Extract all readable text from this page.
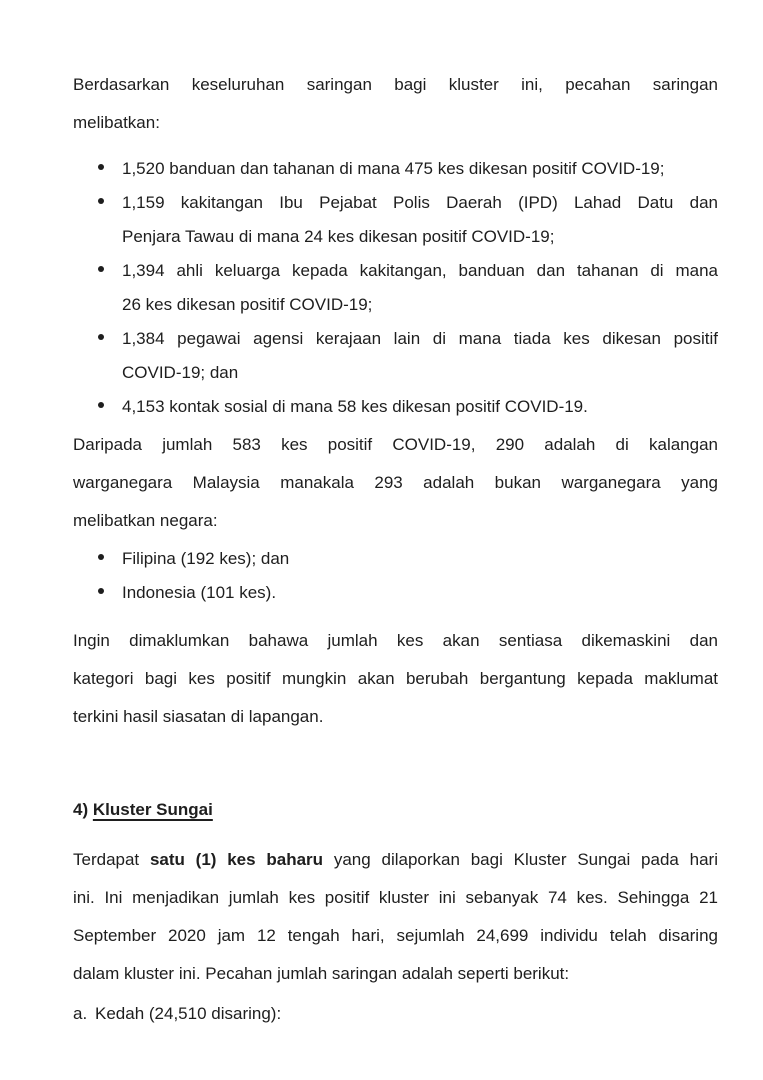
Berdasarkan keseluruhan saringan bagi kluster ini, pecahan saringan
melibatkan:
1,520 banduan dan tahanan di mana 475 kes dikesan positif COVID-19;
1,159 kakitangan Ibu Pejabat Polis Daerah (IPD) Lahad Datu dan
Penjara Tawau di mana 24 kes dikesan positif COVID-19;
1,394 ahli keluarga kepada kakitangan, banduan dan tahanan di mana
26 kes dikesan positif COVID-19;
1,384 pegawai agensi kerajaan lain di mana tiada kes dikesan positif
COVID-19; dan
4,153 kontak sosial di mana 58 kes dikesan positif COVID-19.
Daripada jumlah 583 kes positif COVID-19, 290 adalah di kalangan
warganegara Malaysia manakala 293 adalah bukan warganegara yang
melibatkan negara:
Filipina (192 kes); dan
Indonesia (101 kes).
Ingin dimaklumkan bahawa jumlah kes akan sentiasa dikemaskini dan
kategori bagi kes positif mungkin akan berubah bergantung kepada maklumat
terkini hasil siasatan di lapangan.
4) Kluster Sungai
Terdapat satu (1) kes baharu yang dilaporkan bagi Kluster Sungai pada hari
ini. Ini menjadikan jumlah kes positif kluster ini sebanyak 74 kes. Sehingga 21
September 2020 jam 12 tengah hari, sejumlah 24,699 individu telah disaring
dalam kluster ini. Pecahan jumlah saringan adalah seperti berikut:
a. Kedah (24,510 disaring):
